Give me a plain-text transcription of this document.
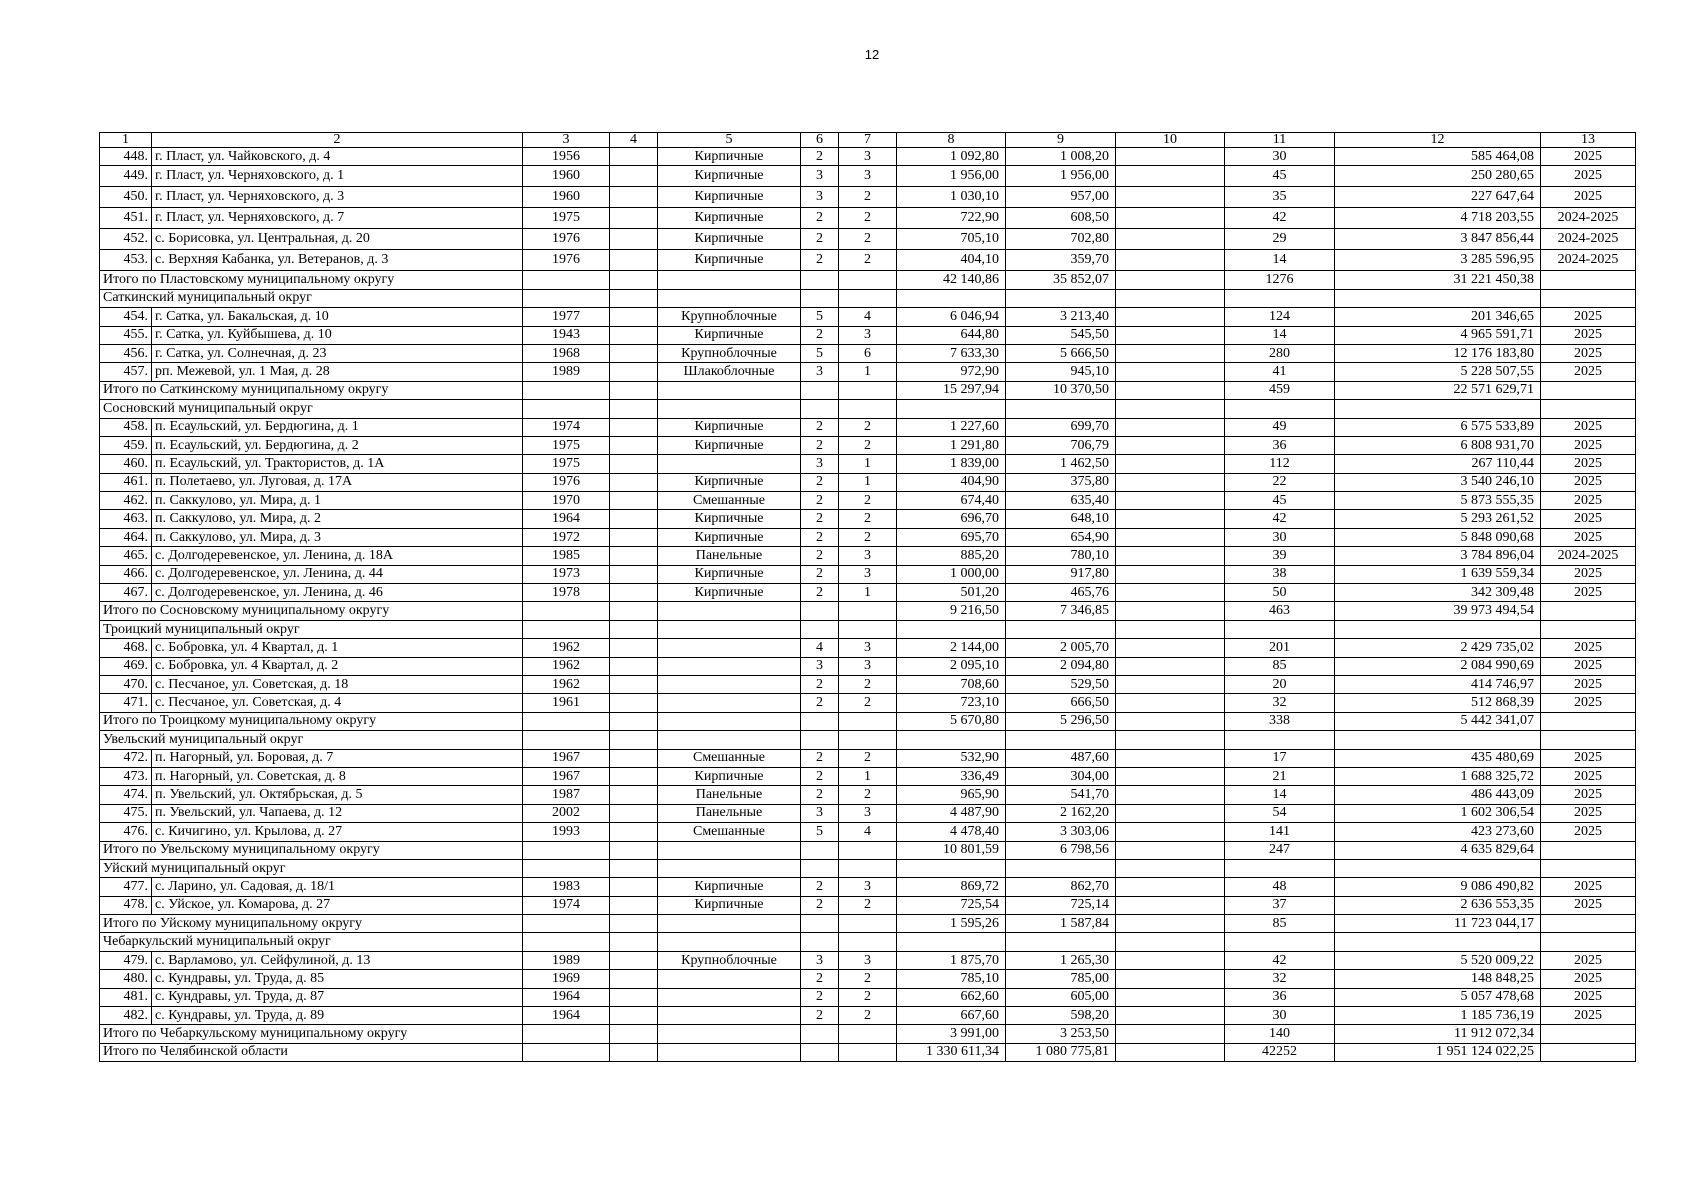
12
1	2	3	4	5	6	7	8	9	10	11	12	13
448.	г. Пласт, ул. Чайковского, д. 4	1956		Кирпичные	2	3	1 092,80	1 008,20		30	585 464,08	2025
449.	г. Пласт, ул. Черняховского, д. 1	1960		Кирпичные	3	3	1 956,00	1 956,00		45	250 280,65	2025
450.	г. Пласт, ул. Черняховского, д. 3	1960		Кирпичные	3	2	1 030,10	957,00		35	227 647,64	2025
451.	г. Пласт, ул. Черняховского, д. 7	1975		Кирпичные	2	2	722,90	608,50		42	4 718 203,55	2024-2025
452.	с. Борисовка, ул. Центральная, д. 20	1976		Кирпичные	2	2	705,10	702,80		29	3 847 856,44	2024-2025
453.	с. Верхняя Кабанка, ул. Ветеранов, д. 3	1976		Кирпичные	2	2	404,10	359,70		14	3 285 596,95	2024-2025
Итого по Пластовскому муниципальному округу							42 140,86	35 852,07		1276	31 221 450,38	
Саткинский муниципальный округ												
454.	г. Сатка, ул. Бакальская, д. 10	1977		Крупноблочные	5	4	6 046,94	3 213,40		124	201 346,65	2025
455.	г. Сатка, ул. Куйбышева, д. 10	1943		Кирпичные	2	3	644,80	545,50		14	4 965 591,71	2025
456.	г. Сатка, ул. Солнечная, д. 23	1968		Крупноблочные	5	6	7 633,30	5 666,50		280	12 176 183,80	2025
457.	рп. Межевой, ул. 1 Мая, д. 28	1989		Шлакоблочные	3	1	972,90	945,10		41	5 228 507,55	2025
Итого по Саткинскому муниципальному округу							15 297,94	10 370,50		459	22 571 629,71	
Сосновский муниципальный округ												
458.	п. Есаульский, ул. Бердюгина, д. 1	1974		Кирпичные	2	2	1 227,60	699,70		49	6 575 533,89	2025
459.	п. Есаульский, ул. Бердюгина, д. 2	1975		Кирпичные	2	2	1 291,80	706,79		36	6 808 931,70	2025
460.	п. Есаульский, ул. Трактористов, д. 1А	1975			3	1	1 839,00	1 462,50		112	267 110,44	2025
461.	п. Полетаево, ул. Луговая, д. 17А	1976		Кирпичные	2	1	404,90	375,80		22	3 540 246,10	2025
462.	п. Саккулово, ул. Мира, д. 1	1970		Смешанные	2	2	674,40	635,40		45	5 873 555,35	2025
463.	п. Саккулово, ул. Мира, д. 2	1964		Кирпичные	2	2	696,70	648,10		42	5 293 261,52	2025
464.	п. Саккулово, ул. Мира, д. 3	1972		Кирпичные	2	2	695,70	654,90		30	5 848 090,68	2025
465.	с. Долгодеревенское, ул. Ленина, д. 18А	1985		Панельные	2	3	885,20	780,10		39	3 784 896,04	2024-2025
466.	с. Долгодеревенское, ул. Ленина, д. 44	1973		Кирпичные	2	3	1 000,00	917,80		38	1 639 559,34	2025
467.	с. Долгодеревенское, ул. Ленина, д. 46	1978		Кирпичные	2	1	501,20	465,76		50	342 309,48	2025
Итого по Сосновскому муниципальному округу							9 216,50	7 346,85		463	39 973 494,54	
Троицкий муниципальный округ												
468.	с. Бобровка, ул. 4 Квартал, д. 1	1962			4	3	2 144,00	2 005,70		201	2 429 735,02	2025
469.	с. Бобровка, ул. 4 Квартал, д. 2	1962			3	3	2 095,10	2 094,80		85	2 084 990,69	2025
470.	с. Песчаное, ул. Советская, д. 18	1962			2	2	708,60	529,50		20	414 746,97	2025
471.	с. Песчаное, ул. Советская, д. 4	1961			2	2	723,10	666,50		32	512 868,39	2025
Итого по Троицкому муниципальному округу							5 670,80	5 296,50		338	5 442 341,07	
Увельский муниципальный округ												
472.	п. Нагорный, ул. Боровая, д. 7	1967		Смешанные	2	2	532,90	487,60		17	435 480,69	2025
473.	п. Нагорный, ул. Советская, д. 8	1967		Кирпичные	2	1	336,49	304,00		21	1 688 325,72	2025
474.	п. Увельский, ул. Октябрьская, д. 5	1987		Панельные	2	2	965,90	541,70		14	486 443,09	2025
475.	п. Увельский, ул. Чапаева, д. 12	2002		Панельные	3	3	4 487,90	2 162,20		54	1 602 306,54	2025
476.	с. Кичигино, ул. Крылова, д. 27	1993		Смешанные	5	4	4 478,40	3 303,06		141	423 273,60	2025
Итого по Увельскому муниципальному округу							10 801,59	6 798,56		247	4 635 829,64	
Уйский муниципальный округ												
477.	с. Ларино, ул. Садовая, д. 18/1	1983		Кирпичные	2	3	869,72	862,70		48	9 086 490,82	2025
478.	с. Уйское, ул. Комарова, д. 27	1974		Кирпичные	2	2	725,54	725,14		37	2 636 553,35	2025
Итого по Уйскому муниципальному округу							1 595,26	1 587,84		85	11 723 044,17	
Чебаркульский муниципальный округ												
479.	с. Варламово, ул. Сейфулиной, д. 13	1989		Крупноблочные	3	3	1 875,70	1 265,30		42	5 520 009,22	2025
480.	с. Кундравы, ул. Труда, д. 85	1969			2	2	785,10	785,00		32	148 848,25	2025
481.	с. Кундравы, ул. Труда, д. 87	1964			2	2	662,60	605,00		36	5 057 478,68	2025
482.	с. Кундравы, ул. Труда, д. 89	1964			2	2	667,60	598,20		30	1 185 736,19	2025
Итого по Чебаркульскому муниципальному округу							3 991,00	3 253,50		140	11 912 072,34	
Итого по Челябинской области							1 330 611,34	1 080 775,81		42252	1 951 124 022,25	
